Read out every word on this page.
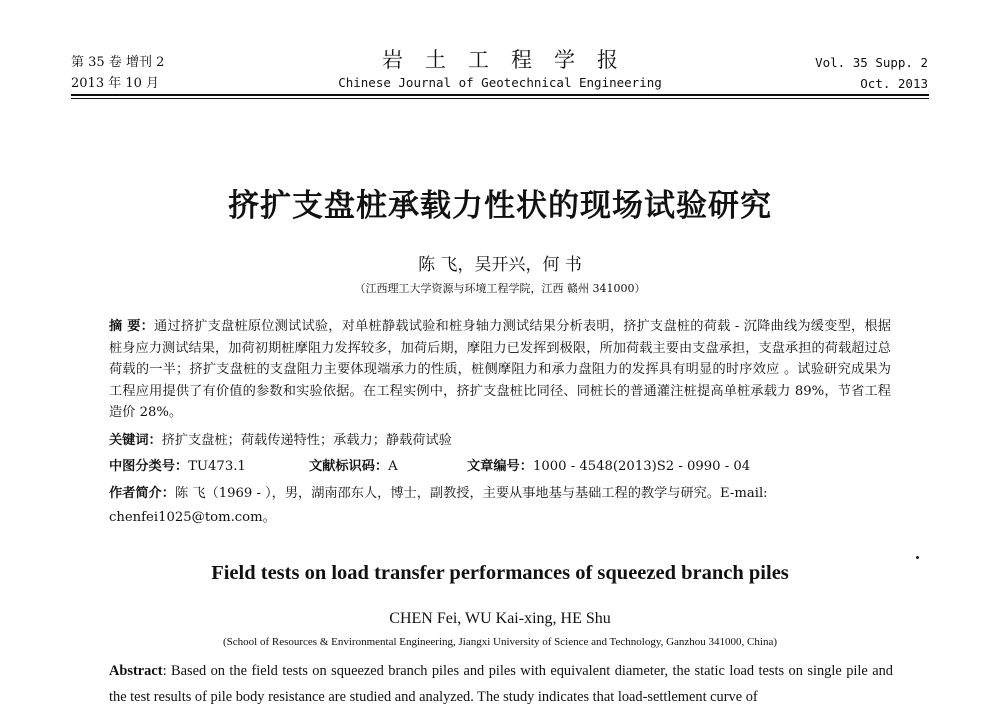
第 35 卷 增刊 2
2013 年 10 月
岩土工程学报
Chinese Journal of Geotechnical Engineering
Vol. 35 Supp. 2
Oct. 2013
挤扩支盘桩承载力性状的现场试验研究
陈 飞，吴开兴，何 书
（江西理工大学资源与环境工程学院，江西 赣州 341000）
摘 要：通过挤扩支盘桩原位测试试验，对单桩静载试验和桩身轴力测试结果分析表明，挤扩支盘桩的荷载 - 沉降曲线为缓变型，根据桩身应力测试结果，加荷初期桩摩阻力发挥较多，加荷后期，摩阻力已发挥到极限，所加荷载主要由支盘承担，支盘承担的荷载超过总荷载的一半；挤扩支盘桩的支盘阻力主要体现端承力的性质，桩侧摩阻力和承力盘阻力的发挥具有明显的时序效应 。试验研究成果为工程应用提供了有价值的参数和实验依据。在工程实例中，挤扩支盘桩比同径、同桩长的普通灌注桩提高单桩承载力 89%，节省工程造价 28%。
关键词：挤扩支盘桩；荷载传递特性；承载力；静载荷试验
中图分类号：TU473.1	文献标识码：A	文章编号：1000 - 4548(2013)S2 - 0990 - 04
作者简介：陈 飞（1969 - ），男，湖南邵东人，博士，副教授，主要从事地基与基础工程的教学与研究。E-mail: chenfei1025@tom.com。
Field tests on load transfer performances of squeezed branch piles
CHEN Fei, WU Kai-xing, HE Shu
(School of Resources & Environmental Engineering, Jiangxi University of Science and Technology, Ganzhou 341000, China)
Abstract: Based on the field tests on squeezed branch piles and piles with equivalent diameter, the static load tests on single pile and the test results of pile body resistance are studied and analyzed. The study indicates that load-settlement curve of
